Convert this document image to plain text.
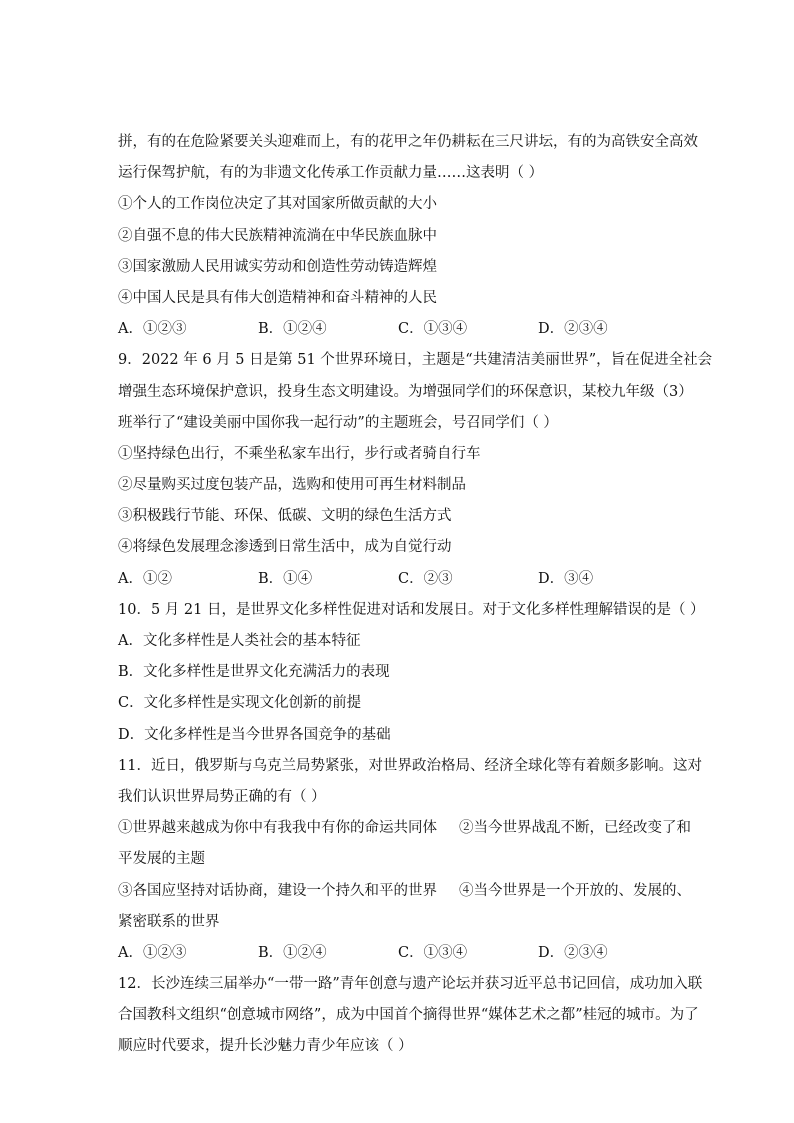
拼，有的在危险紧要关头迎难而上，有的花甲之年仍耕耘在三尺讲坛，有的为高铁安全高效
运行保驾护航，有的为非遗文化传承工作贡献力量……这表明（ ）
①个人的工作岗位决定了其对国家所做贡献的大小
②自强不息的伟大民族精神流淌在中华民族血脉中
③国家激励人民用诚实劳动和创造性劳动铸造辉煌
④中国人民是具有伟大创造精神和奋斗精神的人民
A．①②③	B．①②④	C．①③④	D．②③④
9．2022 年 6 月 5 日是第 51 个世界环境日，主题是“共建清洁美丽世界”，旨在促进全社会
增强生态环境保护意识，投身生态文明建设。为增强同学们的环保意识，某校九年级（3）
班举行了“建设美丽中国你我一起行动”的主题班会，号召同学们（ ）
①坚持绿色出行，不乘坐私家车出行，步行或者骑自行车
②尽量购买过度包装产品，选购和使用可再生材料制品
③积极践行节能、环保、低碳、文明的绿色生活方式
④将绿色发展理念渗透到日常生活中，成为自觉行动
A．①②	B．①④	C．②③	D．③④
10．5 月 21 日，是世界文化多样性促进对话和发展日。对于文化多样性理解错误的是（ ）
A．文化多样性是人类社会的基本特征
B．文化多样性是世界文化充满活力的表现
C．文化多样性是实现文化创新的前提
D．文化多样性是当今世界各国竞争的基础
11．近日，俄罗斯与乌克兰局势紧张，对世界政治格局、经济全球化等有着颇多影响。这对
我们认识世界局势正确的有（ ）
①世界越来越成为你中有我我中有你的命运共同体 ②当今世界战乱不断，已经改变了和
平发展的主题
③各国应坚持对话协商，建设一个持久和平的世界 ④当今世界是一个开放的、发展的、
紧密联系的世界
A．①②③	B．①②④	C．①③④	D．②③④
12．长沙连续三届举办“一带一路”青年创意与遗产论坛并获习近平总书记回信，成功加入联
合国教科文组织“创意城市网络”，成为中国首个摘得世界“媒体艺术之都”桂冠的城市。为了
顺应时代要求，提升长沙魅力青少年应该（ ）
